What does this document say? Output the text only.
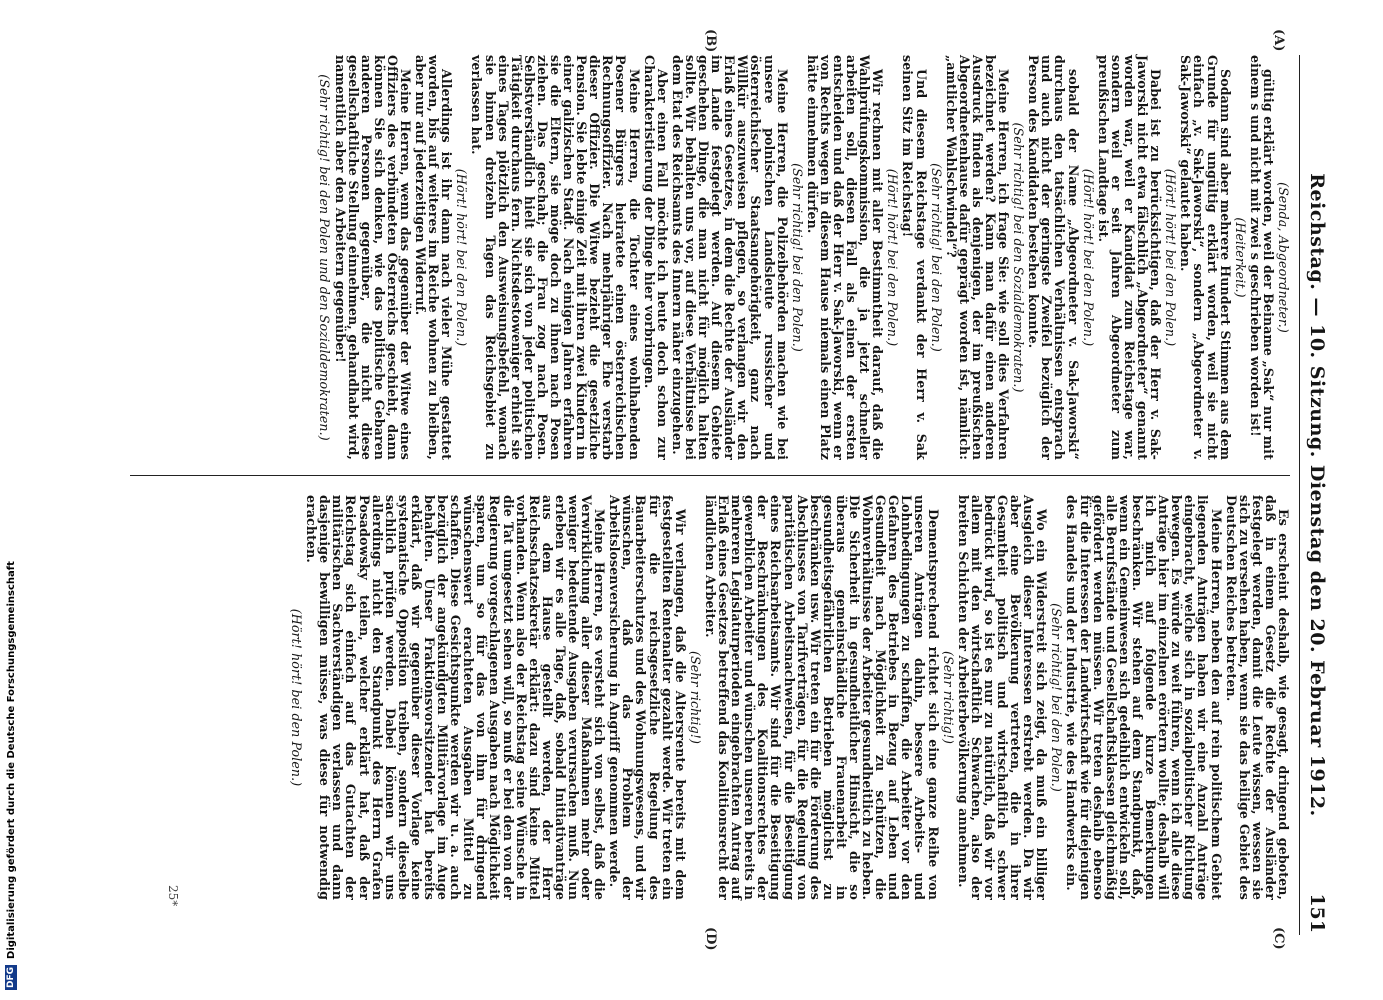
Reichstag. — 10. Sitzung. Dienstag den 20. Februar 1912.
151
(A)
(B)
(C)
(D)

(Senda, Abgeordneter.)

gültig erklärt worden, weil der Beiname „Sak“ nur mit einem s und nicht mit zwei s geschrieben worden ist!

(Heiterkeit.)

Sodann sind aber mehrere Hundert Stimmen aus dem Grunde für ungültig erklärt worden, weil sie nicht einfach „v. Sak-Jaworski“, sondern „Abgeordneter v. Sak-Jaworski“ gelautet haben.

(Hört! hört! bei den Polen.)

Dabei ist zu berücksichtigen, daß der Herr v. Sak-Jaworski nicht etwa fälschlich „Abgeordneter“ genannt worden war, weil er Kandidat zum Reichstage war, sondern weil er seit Jahren Abgeordneter zum preußischen Landtage ist.

(Hört! hört! bei den Polen.)

sobald der Name „Abgeordneter v. Sak-Jaworski“ durchaus den tatsächlichen Verhältnissen entsprach und auch nicht der geringste Zweifel bezüglich der Person des Kandidaten bestehen konnte.

(Sehr richtig! bei den Sozialdemokraten.)

Meine Herren, ich frage Sie: wie soll dies Verfahren bezeichnet werden? Kann man dafür einen anderen Ausdruck finden als denjenigen, der im preußischen Abgeordnetenhause dafür geprägt worden ist, nämlich: „amtlicher Wahlschwindel“?

(Sehr richtig! bei den Polen.)

Und diesem Reichstage verdankt der Herr v. Sak seinen Sitz im Reichstag!

(Hört! hört! bei den Polen.)

Wir rechnen mit aller Bestimmtheit darauf, daß die Wahlprüfungskommission, die ja jetzt schneller arbeiten soll, diesen Fall als einen der ersten entscheiden und daß der Herr v. Sak-Jaworski, wenn er von Rechts wegen in diesem Hause niemals einen Platz hätte einnehmen dürfen.

(Sehr richtig! bei den Polen.)

Meine Herren, die Polizeibehörden machen wie bei unsere polnischen Landsleute russischer und österreichischer Staatsangehörigkeit, ganz nach Willkür auszuweisen pflegen, so verlangen wir den Erlaß eines Gesetzes, in dem die Rechte der Ausländer im Lande festgelegt werden. Auf diesem Gebiete geschehen Dinge, die man nicht für möglich halten sollte. Wir behalten uns vor, auf diese Verhältnisse bei dem Etat des Reichsamts des Innern näher einzugehen.

Aber einen Fall möchte ich heute doch schon zur Charakteristierung der Dinge hier vorbringen.

Meine Herren, die Tochter eines wohlhabenden Posener Bürgers heiratete einen österreichischen Rechnungsoffizier. Nach mehrjähriger Ehe verstarb dieser Offizier. Die Witwe bezieht die gesetzliche Pension. Sie lebte einige Zeit mit ihren zwei Kindern in einer galizischen Stadt. Nach einigen Jahren erfahren sie die Eltern, sie möge doch zu ihnen nach Posen ziehen. Das geschah; die Frau zog nach Posen. Selbstverständlich hielt sie sich von jeder politischen Tätigkeit durchaus fern. Nichtsdestoweniger erhielt sie eines Tages plötzlich den Ausweisungsbefehl, wonach sie binnen dreizehn Tagen das Reichsgebiet zu verlassen hat.

(Hört! hört! bei den Polen.)

Allerdings ist ihr dann nach vieler Mühe gestattet worden, bis auf weiteres im Reiche wohnen zu bleiben, aber nur auf jederzeitigen Widerruf.

Meine Herren, wenn das gegenüber der Witwe eines Offiziers des verbündeten Österreichs geschieht, dann können Sie sich denken, wie das politische Gebaren anderen Personen gegenüber, die nicht diese gesellschaftliche Stellung einnehmen, gehandhabt wird, namentlich aber den Arbeitern gegenüber!

(Sehr richtig! bei den Polen und den Sozialdemokraten.)

Es erscheint deshalb, wie gesagt, dringend geboten, daß in einem Gesetz die Rechte der Ausländer festgelegt werden, damit die Leute wissen, wessen sie sich zu versehen haben, wenn sie das heilige Gebiet des Deutschen Reiches betreten.

Meine Herren, neben den auf rein politischem Gebiet liegenden Anträgen haben wir eine Anzahl Anträge eingebracht, welche sich in sozialpolitischer Richtung bewegen. Es würde zu weit führen, wenn ich alle diese Anträge hier im einzelnen erörtern wollte; deshalb will ich mich auf folgende kurze Bemerkungen beschränken. Wir stehen auf dem Standpunkt, daß, wenn ein Gemeinwesen sich gedeihlich entwickeln soll, alle Berufsstände und Gesellschaftsklassen gleichmäßig gefördert werden müssen. Wir treten deshalb ebenso für die Interessen der Landwirtschaft wie für diejenigen des Handels und der Industrie, wie des Handwerks ein.

(Sehr richtig! bei den Polen.)

Wo ein Widerstreit sich zeigt, da muß ein billiger Ausgleich dieser Interessen erstrebt werden. Da wir aber eine Bevölkerung vertreten, die in ihrer Gesamtheit politisch und wirtschaftlich schwer bedrückt wird, so ist es nur zu natürlich, daß wir vor allem mit den wirtschaftlich Schwachen, also der breiten Schichten der Arbeiterbevölkerung annehmen.

(Sehr richtig!)

Dementsprechend richtet sich eine ganze Reihe von unseren Anträgen dahin, bessere Arbeits- und Lohnbedingungen zu schaffen, die Arbeiter vor den Gefahren des Betriebes in Bezug auf Leben und Gesundheit nach Möglichkeit zu schützen, die Wohnverhältnisse der Arbeiter gesundheitlich zu heben. Die Sicherheit in gesundheitlicher Hinsicht, die so überaus gemeinschädliche Frauenarbeit in gesundheitsgefährlichen Betrieben möglichst zu beschränken usw. Wir treten ein für die Förderung des Abschlusses von Tarifverträgen, für die Regelung von paritätischen Arbeitsnachweisen, für die Beseitigung eines Reichsarbeitsamts. Wir sind für die Beseitigung der Beschränkungen des Koalitionsrechtes der gewerblichen Arbeiter und wünschen unseren bereits in mehreren Legislaturperioden eingebrachten Antrag auf Erlaß eines Gesetzes betreffend das Koalitionsrecht der ländlichen Arbeiter.

(Sehr richtig!)

Wir verlangen, daß die Altersrente bereits mit dem festgestellten Rentenalter gezahlt werde. Wir treten ein für die reichsgesetzliche Regelung des Bauarbeiterschutzes und des Wohnungswesens, und wir wünschen, daß das Problem der Arbeitslosenversicherung in Angriff genommen werde.

Meine Herren, es versteht sich von selbst, daß die Verwirklichung aller dieser Maßnahmen mehr oder weniger bedeutende Ausgaben verursachen muß. Nun erleben wir es alle Tage, daß, sobald Initiativanträge aus dem Hause gestellt werden, der Herr Reichsschatzsekretär erklärt: dazu sind keine Mittel vorhanden. Wenn also der Reichstag seine Wünsche in die Tat umgesetzt sehen will, so muß er bei den von der Regierung vorgeschlagenen Ausgaben nach Möglichkeit sparen, um so für das von ihm für dringend wünschenswert erachteten Ausgaben Mittel zu schaffen. Diese Gesichtspunkte werden wir u. a. auch bezüglich der angekündigten Militärvorlage im Auge behalten. Unser Fraktionsvorsitzender hat bereits erklärt, daß wir gegenüber dieser Vorlage keine systematische Opposition treiben, sondern dieselbe sachlich prüfen werden. Dabei können wir uns allerdings nicht den Standpunkt des Herrn Grafen Posadowsky teilen, welcher erklärt hat, daß der Reichstag sich einfach auf das Gutachten der militärischen Sachverständigen verlassen und dann dasjenige bewilligen müsse, was diese für notwendig erachten.

(Hört! hört! bei den Polen.)

25*
DFG
Digitalisierung gefördert durch die Deutsche Forschungsgemeinschaft
